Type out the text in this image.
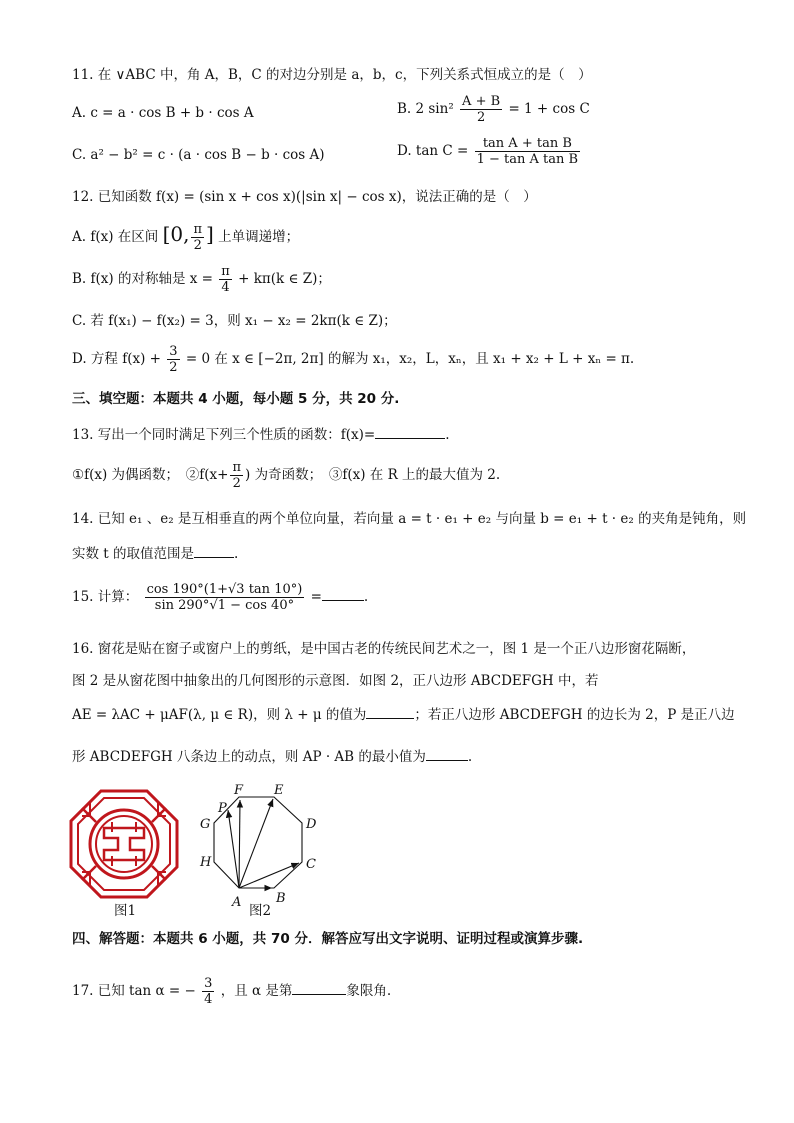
11. 在 ∨ABC 中，角 A，B，C 的对边分别是 a，b，c，下列关系式恒成立的是（　）
A. c = a · cos B + b · cos A	B. 2 $\sin^2 \frac{A + B}{2} = 1 + \cos C$
C. a² − b² = c · (a · cos B − b · cos A)	D. $\tan C = \frac{\text{tan A + tan B}}{\text{1 − tan A tan B}}$
12. 已知函数 f(x) = (sin x + cos x)(|sin x| − cos x)，说法正确的是（　）
A. f(x) 在区间 [0, $\frac{\pi}{2}$ ] 上单调递增；
B. f(x) 的对称轴是 $x = \frac{\pi}{4} + k\pi(k$ ∈ Z)；
C. 若 f(x₁) − f(x₂) = 3，则 x₁ − x₂ = 2kπ(k ∈ Z)；
D. 方程 $f(x) + \frac{3}{2} = 0$ 在 x ∈ [−2π, 2π] 的解为 x₁，x₂，L，xₙ，且 x₁ + x₂ + L + xₙ = π.
三、填空题：本题共 4 小题，每小题 5 分，共 20 分.
13. 写出一个同时满足下列三个性质的函数：f(x)=	.
①f(x) 为偶函数；　②f(x+ $\frac{\pi}{2}$ ) 为奇函数；　③f(x) 在 R 上的最大值为 2.
14. 已知 e₁ 、e₂ 是互相垂直的两个单位向量，若向量 a = t · e₁ + e₂ 与向量 b = e₁ + t · e₂ 的夹角是钝角，则
实数 t 的取值范围是	.
15. 计算： $\frac{\cos 190^\circ(1+√3 \tan 10^\circ)}{\sin 290^\circ√1 - \cos 40^\circ}$ =	.
16. 窗花是贴在窗子或窗户上的剪纸，是中国古老的传统民间艺术之一，图 1 是一个正八边形窗花隔断，
图 2 是从窗花图中抽象出的几何图形的示意图．如图 2，正八边形 ABCDEFGH 中，若
AE = λAC + μAF(λ, μ ∈ R)，则 λ + μ 的值为	；若正八边形 ABCDEFGH 的边长为 2，P 是正八边
形 ABCDEFGH 八条边上的动点，则 AP · AB 的最小值为	.
图1
A	B
C
D
E
F
G
H
P
图2
四、解答题：本题共 6 小题，共 70 分．解答应写出文字说明、证明过程或演算步骤.
17. 已知 tan α = − $\frac{3}{4}$ ，且 α 是第	象限角.
